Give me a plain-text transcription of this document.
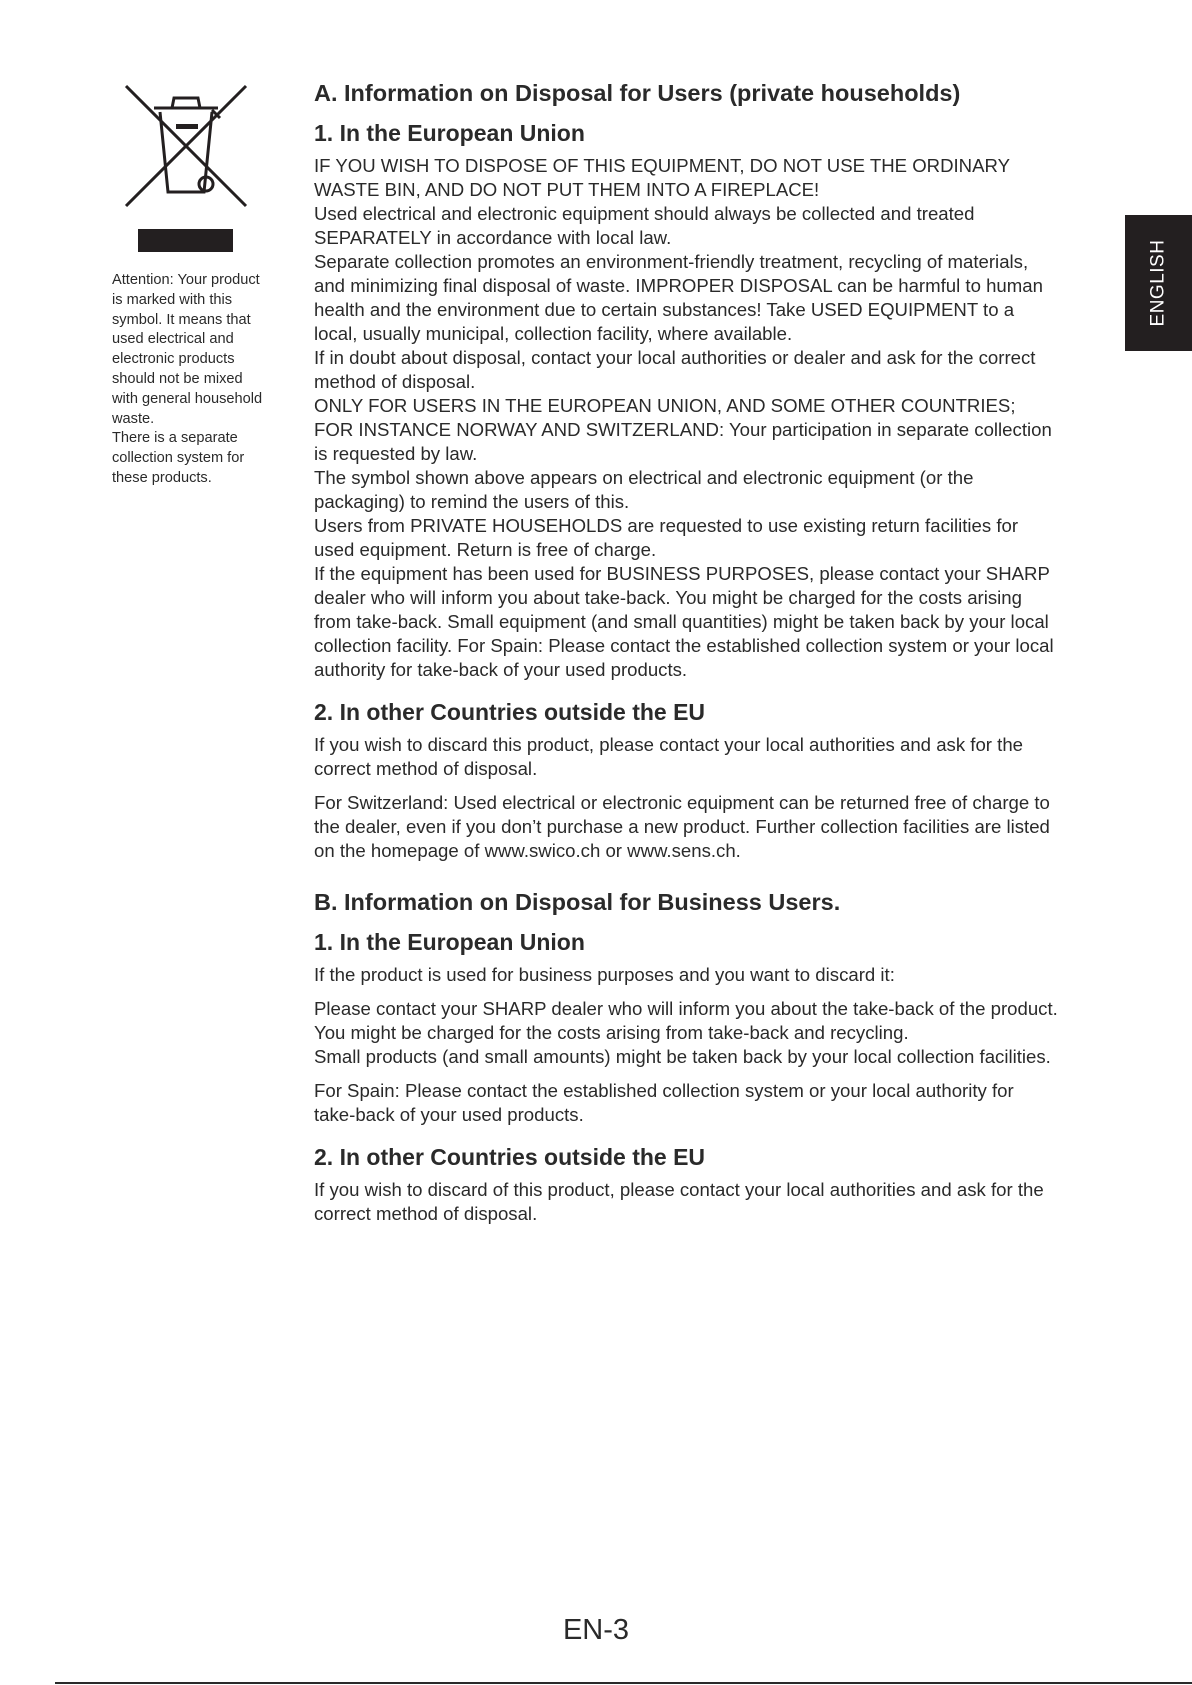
Attention: Your product

is marked with this

symbol. It means that

used electrical and

electronic products

should not be mixed

with general household

waste.

There is a separate

collection system for

these products.

ENGLISH
A. Information on Disposal for Users (private households)
1. In the European Union

IF YOU WISH TO DISPOSE OF THIS EQUIPMENT, DO NOT USE THE ORDINARY

WASTE BIN, AND DO NOT PUT THEM INTO A FIREPLACE!

Used electrical and electronic equipment should always be collected and treated

SEPARATELY in accordance with local law.

Separate collection promotes an environment-friendly treatment, recycling of materials,

and minimizing final disposal of waste. IMPROPER DISPOSAL can be harmful to human

health and the environment due to certain substances! Take USED EQUIPMENT to a

local, usually municipal, collection facility, where available.

If in doubt about disposal, contact your local authorities or dealer and ask for the correct

method of disposal.

ONLY FOR USERS IN THE EUROPEAN UNION, AND SOME OTHER COUNTRIES;

FOR INSTANCE NORWAY AND SWITZERLAND: Your participation in separate collection

is requested by law.

The symbol shown above appears on electrical and electronic equipment (or the

packaging) to remind the users of this.

Users from PRIVATE HOUSEHOLDS are requested to use existing return facilities for

used equipment. Return is free of charge.

If the equipment has been used for BUSINESS PURPOSES, please contact your SHARP

dealer who will inform you about take-back. You might be charged for the costs arising

from take-back. Small equipment (and small quantities) might be taken back by your local

collection facility. For Spain: Please contact the established collection system or your local

authority for take-back of your used products.

2. In other Countries outside the EU

If you wish to discard this product, please contact your local authorities and ask for the

correct method of disposal.

For Switzerland: Used electrical or electronic equipment can be returned free of charge to

the dealer, even if you don’t purchase a new product. Further collection facilities are listed

on the homepage of www.swico.ch or www.sens.ch.

B. Information on Disposal for Business Users.
1. In the European Union

If the product is used for business purposes and you want to discard it:

Please contact your SHARP dealer who will inform you about the take-back of the product.

You might be charged for the costs arising from take-back and recycling.

Small products (and small amounts) might be taken back by your local collection facilities.

For Spain: Please contact the established collection system or your local authority for

take-back of your used products.

2. In other Countries outside the EU

If you wish to discard of this product, please contact your local authorities and ask for the

correct method of disposal.

EN-3
